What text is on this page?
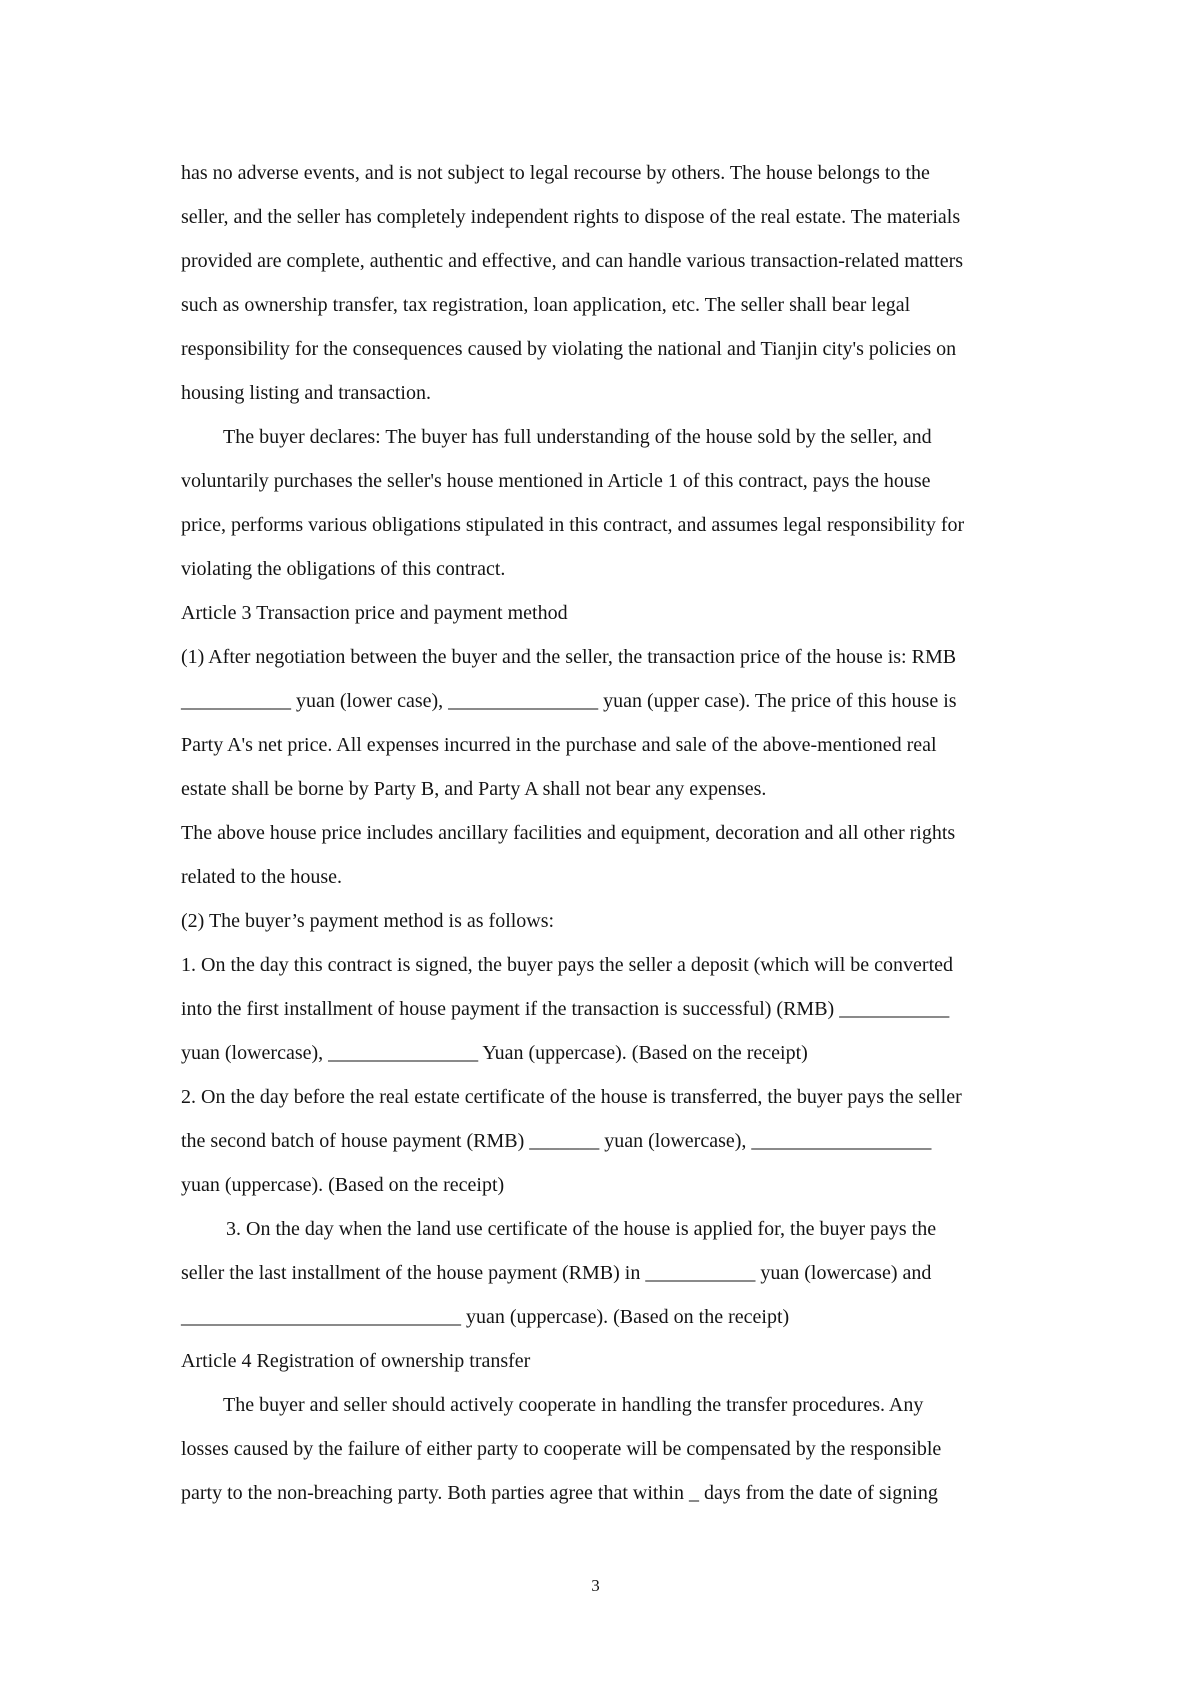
has no adverse events, and is not subject to legal recourse by others. The house belongs to the
seller, and the seller has completely independent rights to dispose of the real estate. The materials
provided are complete, authentic and effective, and can handle various transaction-related matters
such as ownership transfer, tax registration, loan application, etc. The seller shall bear legal
responsibility for the consequences caused by violating the national and Tianjin city's policies on
housing listing and transaction.
The buyer declares: The buyer has full understanding of the house sold by the seller, and
voluntarily purchases the seller's house mentioned in Article 1 of this contract, pays the house
price, performs various obligations stipulated in this contract, and assumes legal responsibility for
violating the obligations of this contract.
Article 3 Transaction price and payment method
(1) After negotiation between the buyer and the seller, the transaction price of the house is: RMB
___________ yuan (lower case), _______________ yuan (upper case). The price of this house is
Party A's net price. All expenses incurred in the purchase and sale of the above-mentioned real
estate shall be borne by Party B, and Party A shall not bear any expenses.
The above house price includes ancillary facilities and equipment, decoration and all other rights
related to the house.
(2) The buyer’s payment method is as follows:
1. On the day this contract is signed, the buyer pays the seller a deposit (which will be converted
into the first installment of house payment if the transaction is successful) (RMB) ___________
yuan (lowercase), _______________ Yuan (uppercase). (Based on the receipt)
2. On the day before the real estate certificate of the house is transferred, the buyer pays the seller
the second batch of house payment (RMB) _______ yuan (lowercase), __________________
yuan (uppercase). (Based on the receipt)
3. On the day when the land use certificate of the house is applied for, the buyer pays the
seller the last installment of the house payment (RMB) in ___________ yuan (lowercase) and
____________________________ yuan (uppercase). (Based on the receipt)
Article 4 Registration of ownership transfer
The buyer and seller should actively cooperate in handling the transfer procedures. Any
losses caused by the failure of either party to cooperate will be compensated by the responsible
party to the non-breaching party. Both parties agree that within _ days from the date of signing
3
